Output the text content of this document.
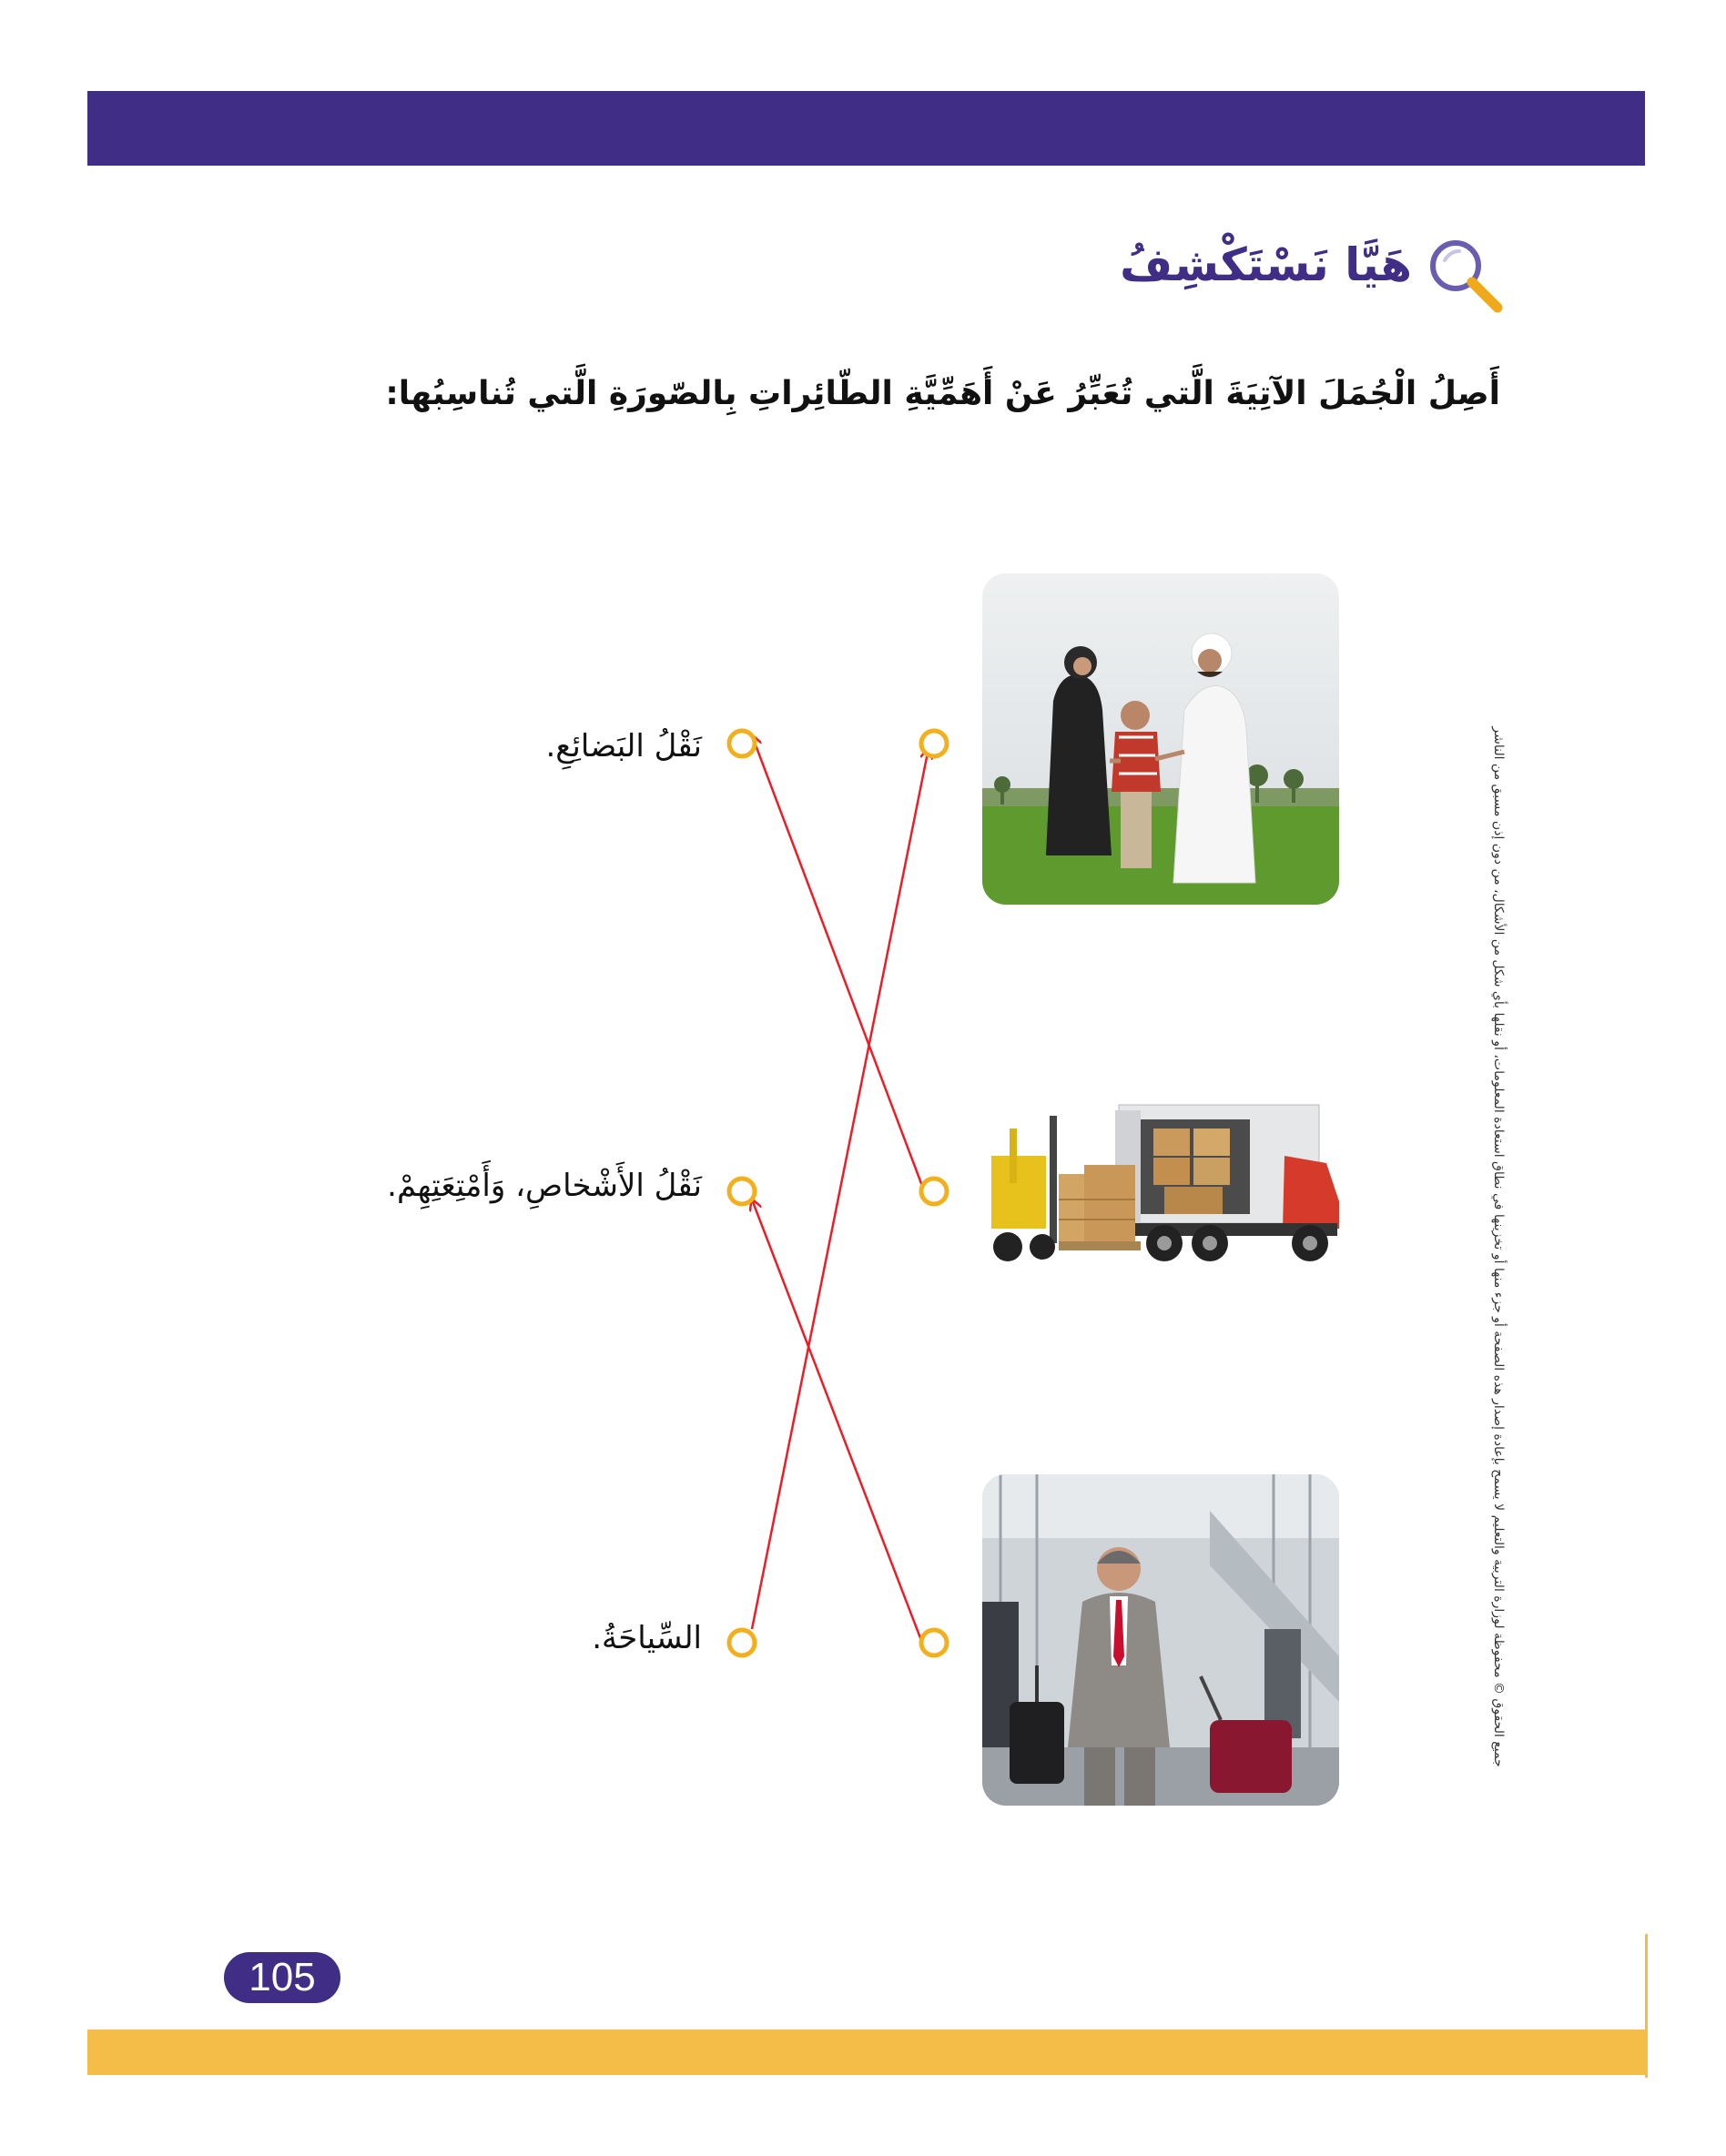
هَيَّا نَسْتَكْشِفُ
أَصِلُ الْجُمَلَ الآتِيَةَ الَّتي تُعَبِّرُ عَنْ أَهَمِّيَّةِ الطّائِراتِ بِالصّورَةِ الَّتي تُناسِبُها:
نَقْلُ البَضائِعِ.
نَقْلُ الأَشْخاصِ، وَأَمْتِعَتِهِمْ.
السِّياحَةُ.	جميع الحقوق © محفوظة لوزارة التربية والتعليم لا يسمح بإعادة إصدار هذه الصفحة أو جزء منها أو تخزينها في نطاق استعادة المعلومات، أو نقلها بأي شكل من الأشكال، من دون إذن مسبق من الناشر
105
